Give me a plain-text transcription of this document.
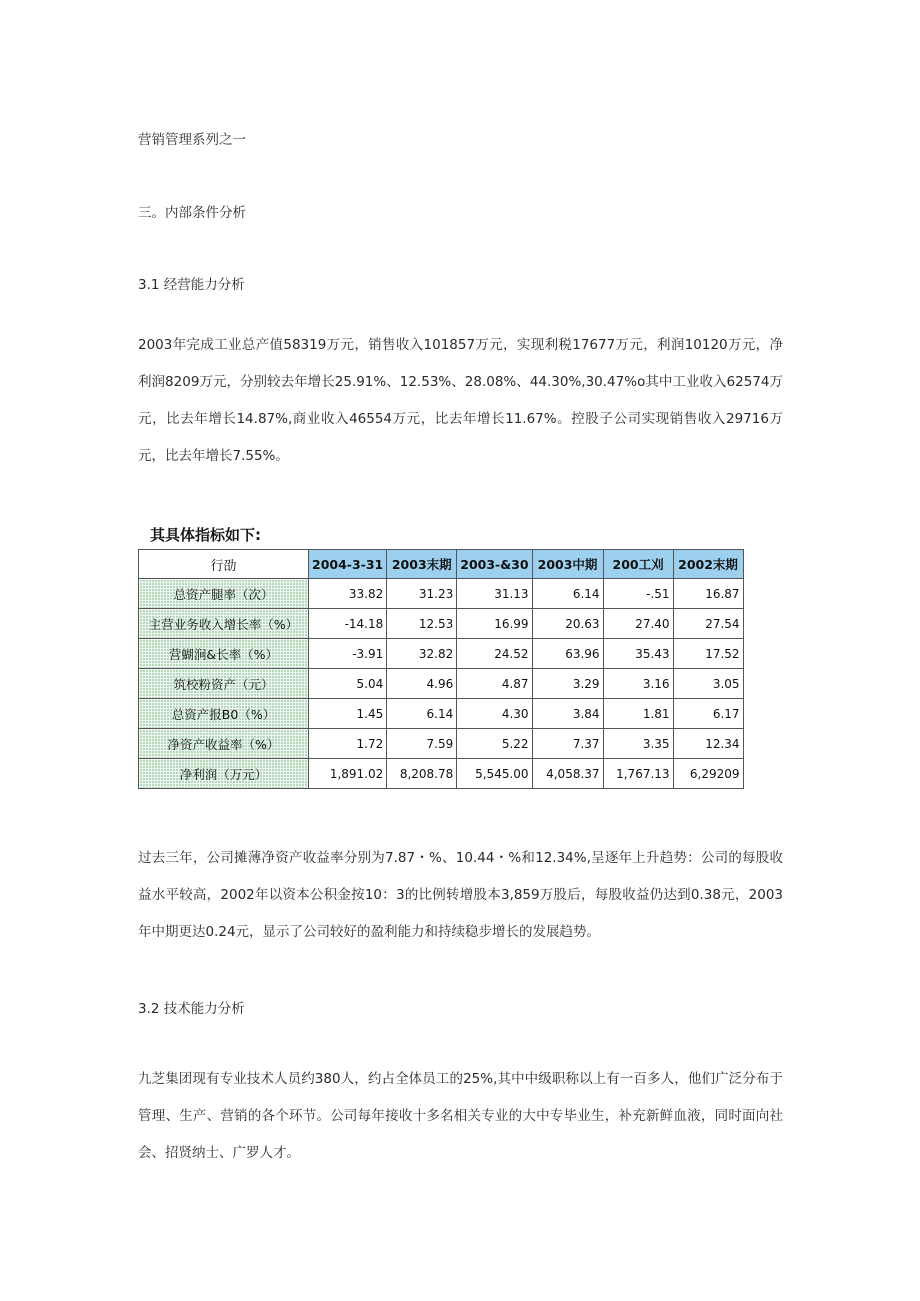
营销管理系列之一
三。内部条件分析
3.1 经营能力分析
2003年完成工业总产值58319万元，销售收入101857万元，实现利税17677万元，利润10120万元，净利润8209万元，分别较去年增长25.91%、12.53%、28.08%、44.30%,30.47%o其中工业收入62574万元，比去年增长14.87%,商业收入46554万元，比去年增长11.67%。控股子公司实现销售收入29716万元，比去年增长7.55%。
其具体指标如下:
行劭	2004-3-31	2003末期	2003-&30	2003中期	200工刈	2002末期
总资产腿率（次）	33.82	31.23	31.13	6.14	-.51	16.87
主营业务收入增长率（%）	-14.18	12.53	16.99	20.63	27.40	27.54
营蝴涧&长率（%）	-3.91	32.82	24.52	63.96	35.43	17.52
筑校粉资产（元）	5.04	4.96	4.87	3.29	3.16	3.05
总资产报B0（%）	1.45	6.14	4.30	3.84	1.81	6.17
净资产收益率（%）	1.72	7.59	5.22	7.37	3.35	12.34
净利润（万元）	1,891.02	8,208.78	5,545.00	4,058.37	1,767.13	6,29209
过去三年，公司摊薄净资产收益率分别为7.87・%、10.44・%和12.34%,呈逐年上升趋势：公司的每股收益水平较高，2002年以资本公积金按10：3的比例转增股本3,859万股后，每股收益仍达到0.38元，2003年中期更达0.24元，显示了公司较好的盈利能力和持续稳步增长的发展趋势。
3.2 技术能力分析
九芝集团现有专业技术人员约380人，约占全体员工的25%,其中中级职称以上有一百多人，他们广泛分布于管理、生产、营销的各个环节。公司每年接收十多名相关专业的大中专毕业生，补充新鲜血液，同时面向社会、招贤纳士、广罗人才。
